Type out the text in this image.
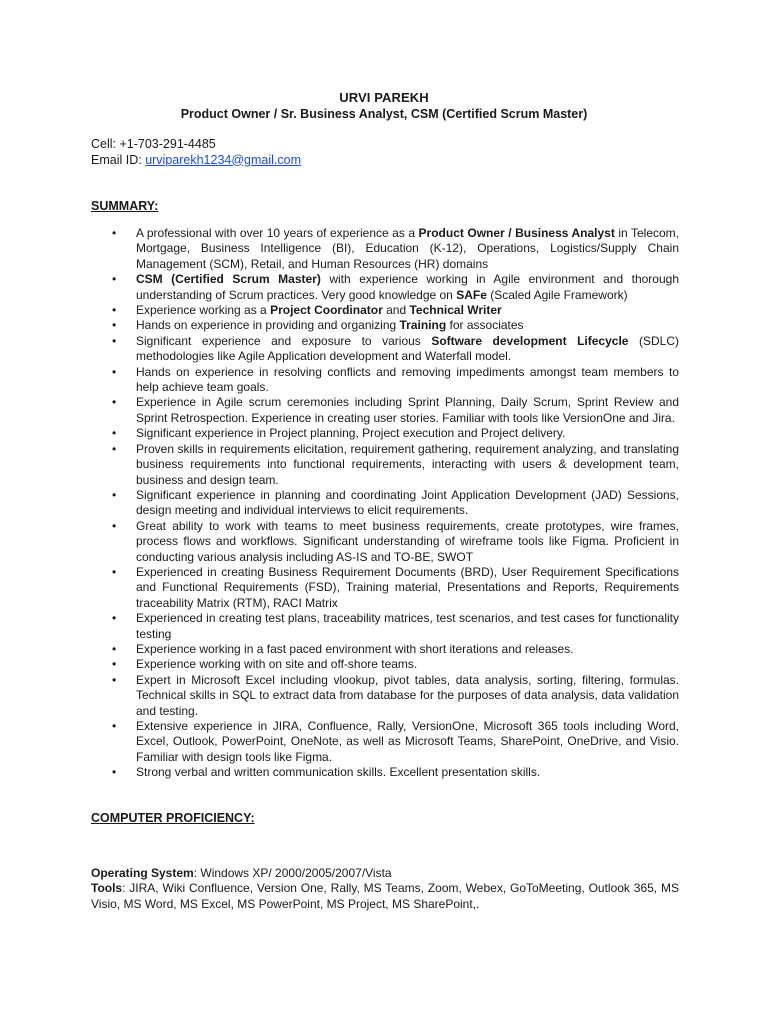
URVI PAREKH
Product Owner / Sr. Business Analyst, CSM (Certified Scrum Master)
Cell: +1-703-291-4485
Email ID: urviparekh1234@gmail.com
SUMMARY:
• A professional with over 10 years of experience as a Product Owner / Business Analyst in Telecom, Mortgage, Business Intelligence (BI), Education (K-12), Operations, Logistics/Supply Chain Management (SCM), Retail, and Human Resources (HR) domains
• CSM (Certified Scrum Master) with experience working in Agile environment and thorough understanding of Scrum practices. Very good knowledge on SAFe (Scaled Agile Framework)
• Experience working as a Project Coordinator and Technical Writer
• Hands on experience in providing and organizing Training for associates
• Significant experience and exposure to various Software development Lifecycle (SDLC) methodologies like Agile Application development and Waterfall model.
• Hands on experience in resolving conflicts and removing impediments amongst team members to help achieve team goals.
• Experience in Agile scrum ceremonies including Sprint Planning, Daily Scrum, Sprint Review and Sprint Retrospection. Experience in creating user stories. Familiar with tools like VersionOne and Jira.
• Significant experience in Project planning, Project execution and Project delivery.
• Proven skills in requirements elicitation, requirement gathering, requirement analyzing, and translating business requirements into functional requirements, interacting with users & development team, business and design team.
• Significant experience in planning and coordinating Joint Application Development (JAD) Sessions, design meeting and individual interviews to elicit requirements.
• Great ability to work with teams to meet business requirements, create prototypes, wire frames, process flows and workflows. Significant understanding of wireframe tools like Figma. Proficient in conducting various analysis including AS-IS and TO-BE, SWOT
• Experienced in creating Business Requirement Documents (BRD), User Requirement Specifications and Functional Requirements (FSD), Training material, Presentations and Reports, Requirements traceability Matrix (RTM), RACI Matrix
• Experienced in creating test plans, traceability matrices, test scenarios, and test cases for functionality testing
• Experience working in a fast paced environment with short iterations and releases.
• Experience working with on site and off-shore teams.
• Expert in Microsoft Excel including vlookup, pivot tables, data analysis, sorting, filtering, formulas. Technical skills in SQL to extract data from database for the purposes of data analysis, data validation and testing.
• Extensive experience in JIRA, Confluence, Rally, VersionOne, Microsoft 365 tools including Word, Excel, Outlook, PowerPoint, OneNote, as well as Microsoft Teams, SharePoint, OneDrive, and Visio. Familiar with design tools like Figma.
• Strong verbal and written communication skills. Excellent presentation skills.
COMPUTER PROFICIENCY:
Operating System: Windows XP/ 2000/2005/2007/Vista
Tools: JIRA, Wiki Confluence, Version One, Rally, MS Teams, Zoom, Webex, GoToMeeting, Outlook 365, MS Visio, MS Word, MS Excel, MS PowerPoint, MS Project, MS SharePoint,.
